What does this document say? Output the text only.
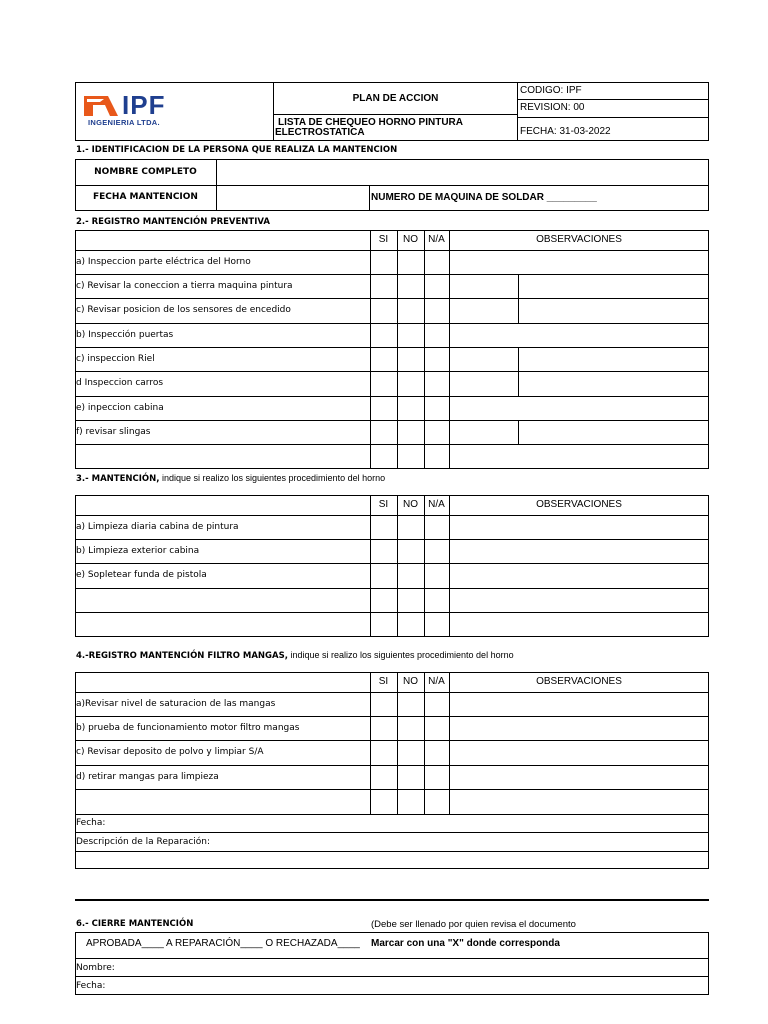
IPF
INGENIERIA LTDA.
PLAN DE ACCION
LISTA DE CHEQUEO HORNO PINTURA
ELECTROSTATICA
CODIGO: IPF
REVISION: 00
FECHA: 31-03-2022
1.- IDENTIFICACION DE LA PERSONA QUE REALIZA LA MANTENCION
NOMBRE COMPLETO
FECHA MANTENCION	NUMERO DE MAQUINA DE SOLDAR _________
2.- REGISTRO MANTENCIÓN PREVENTIVA
SI	NO	N/A	OBSERVACIONES
a) Inspeccion parte eléctrica del Horno
c) Revisar la coneccion a tierra maquina pintura
c) Revisar posicion de los sensores de encedido
b) Inspección puertas
c) inspeccion Riel
d Inspeccion carros
e) inpeccion cabina
f) revisar slingas
3.- MANTENCIÓN, indique si realizo los siguientes procedimiento del horno
SI	NO	N/A	OBSERVACIONES
a) Limpieza diaria cabina de pintura
b) Limpieza exterior cabina
e) Sopletear funda de pistola
4.-REGISTRO MANTENCIÓN FILTRO MANGAS, indique si realizo los siguientes procedimiento del horno
SI	NO	N/A	OBSERVACIONES
a)Revisar nivel de saturacion de las mangas
b) prueba de funcionamiento motor filtro mangas
c) Revisar deposito de polvo y limpiar S/A
d) retirar mangas para limpieza
Fecha:
Descripción de la Reparación:
6.- CIERRE MANTENCIÓN	(Debe ser llenado por quien revisa el documento
APROBADA____ A REPARACIÓN____ O RECHAZADA____ Marcar con una "X" donde corresponda
Nombre:
Fecha:
